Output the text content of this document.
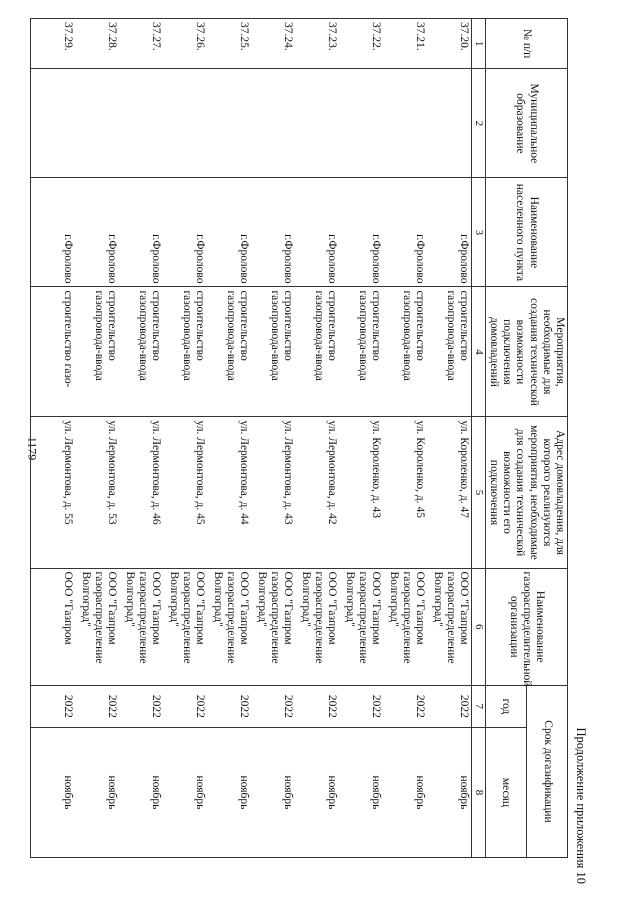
1179
Продолжение приложения 10
№ п/п	Муниципальное образование	Наименование населенного пункта	Мероприятия, необходимые для создания технической возможности подключения домовладений	Адрес домовладения, для которого реализуются мероприятия, необходимые для создания технической возможности его подключения	Наименование газораспределительной организации	Срок догазификации	
						год	месяц
1	2	3	4	5	6	7	8
37.20.		г.Фролово	строительство газопровода-ввода	ул. Короленко, д. 47	ООО "Газпром газораспределение Волгоград"	2022	ноябрь
37.21.		г.Фролово	строительство газопровода-ввода	ул. Короленко, д. 45	ООО "Газпром газораспределение Волгоград"	2022	ноябрь
37.22.		г.Фролово	строительство газопровода-ввода	ул. Короленко, д. 43	ООО "Газпром газораспределение Волгоград"	2022	ноябрь
37.23.		г.Фролово	строительство газопровода-ввода	ул. Лермонтова, д. 42	ООО "Газпром газораспределение Волгоград"	2022	ноябрь
37.24.		г.Фролово	строительство газопровода-ввода	ул. Лермонтова, д. 43	ООО "Газпром газораспределение Волгоград"	2022	ноябрь
37.25.		г.Фролово	строительство газопровода-ввода	ул. Лермонтова, д. 44	ООО "Газпром газораспределение Волгоград"	2022	ноябрь
37.26.		г.Фролово	строительство газопровода-ввода	ул. Лермонтова, д. 45	ООО "Газпром газораспределение Волгоград"	2022	ноябрь
37.27.		г.Фролово	строительство газопровода-ввода	ул. Лермонтова, д. 46	ООО "Газпром газораспределение Волгоград"	2022	ноябрь
37.28.		г.Фролово	строительство газопровода-ввода	ул. Лермонтова, д. 53	ООО "Газпром газораспределение Волгоград"	2022	ноябрь
37.29.		г.Фролово	строительство газо-	ул. Лермонтова, д. 55	ООО "Газпром	2022	ноябрь
